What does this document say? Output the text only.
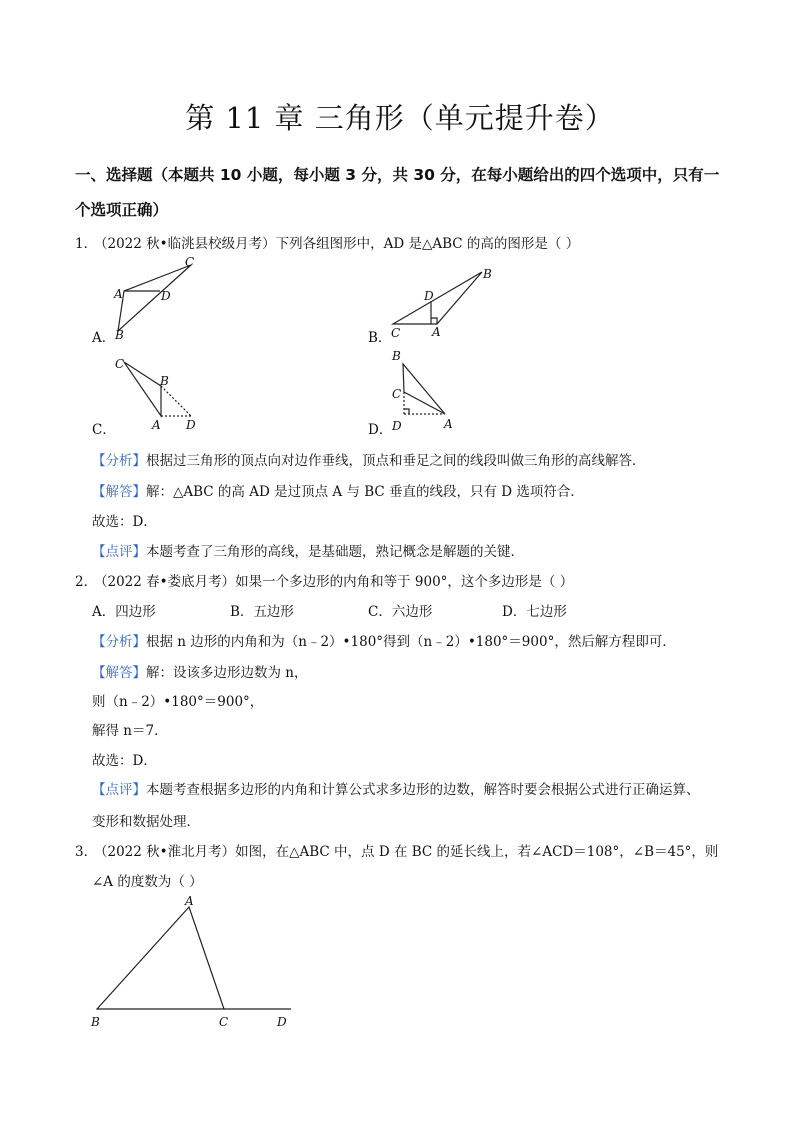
第 11 章 三角形（单元提升卷）
一、选择题（本题共 10 小题，每小题 3 分，共 30 分，在每小题给出的四个选项中，只有一
个选项正确）
1．
（2022 秋•临洮县校级月考）下列各组图形中，AD 是△ABC 的高的图形是（ ）
A．
C
A	D
B	B．
B
D
C	A
C．
C
B
A D	D．
B
C
D	A
【分析】根据过三角形的顶点向对边作垂线，顶点和垂足之间的线段叫做三角形的高线解答．
【解答】解：△ABC 的高 AD 是过顶点 A 与 BC 垂直的线段，只有 D 选项符合．
故选：D．
【点评】本题考查了三角形的高线，是基础题，熟记概念是解题的关键．
2．
（2022 春•娄底月考）如果一个多边形的内角和等于 900°，这个多边形是（ ）
A．四边形	B．五边形	C．六边形	D．七边形
【分析】根据 n 边形的内角和为（n﹣2）•180°得到（n﹣2）•180°＝900°，然后解方程即可．
【解答】解：设该多边形边数为 n，
则（n﹣2）•180°＝900°，
解得 n＝7．
故选：D．
【点评】本题考查根据多边形的内角和计算公式求多边形的边数，解答时要会根据公式进行正确运算、
变形和数据处理．
3．
（2022 秋•淮北月考）如图，在△ABC 中，点 D 在 BC 的延长线上，若∠ACD＝108°，∠B＝45°，则
∠A 的度数为（ ）
A
B	C	D
